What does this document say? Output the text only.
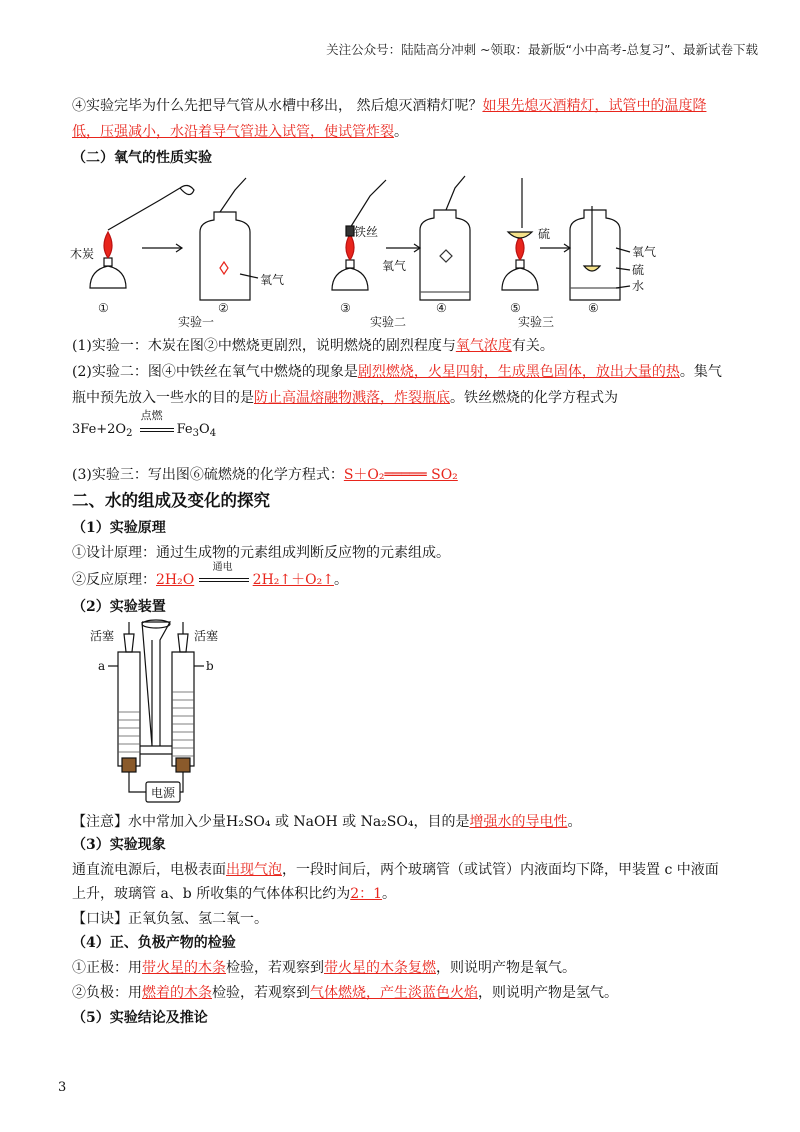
关注公众号：陆陆高分冲刺 ~领取：最新版“小中高考-总复习”、最新试卷下载
④实验完毕为什么先把导气管从水槽中移出， 然后熄灭酒精灯呢？如果先熄灭酒精灯，试管中的温度降
低，压强减小，水沿着导气管进入试管，使试管炸裂。
（二）氧气的性质实验
木炭
氧气
①	②
实验一
铁丝
氧气
③	④
实验二
硫
氧气
硫
水
⑤	⑥
实验三
(1)实验一：木炭在图②中燃烧更剧烈，说明燃烧的剧烈程度与氧气浓度有关。
(2)实验二：图④中铁丝在氧气中燃烧的现象是剧烈燃烧，火星四射，生成黑色固体，放出大量的热。集气
瓶中预先放入一些水的目的是防止高温熔融物溅落，炸裂瓶底。铁丝燃烧的化学方程式为
$3Fe+2O_2$
点燃
$Fe_3O_4$
(3)实验三：写出图⑥硫燃烧的化学方程式：S＋O₂═════ SO₂
二、水的组成及变化的探究
（1）实验原理
①设计原理：通过生成物的元素组成判断反应物的元素组成。
②反应原理：2H₂O
通电
2H₂↑＋O₂↑。
（2）实验装置
活塞	活塞
a	b
电源
【注意】水中常加入少量H₂SO₄ 或 NaOH 或 Na₂SO₄，目的是增强水的导电性。
（3）实验现象
通直流电源后，电极表面出现气泡，一段时间后，两个玻璃管（或试管）内液面均下降，甲装置 c 中液面
上升，玻璃管 a、b 所收集的气体体积比约为2：1。
【口诀】正氧负氢、氢二氧一。
（4）正、负极产物的检验
①正极：用带火星的木条检验，若观察到带火星的木条复燃，则说明产物是氧气。
②负极：用燃着的木条检验，若观察到气体燃烧，产生淡蓝色火焰，则说明产物是氢气。
（5）实验结论及推论
3
